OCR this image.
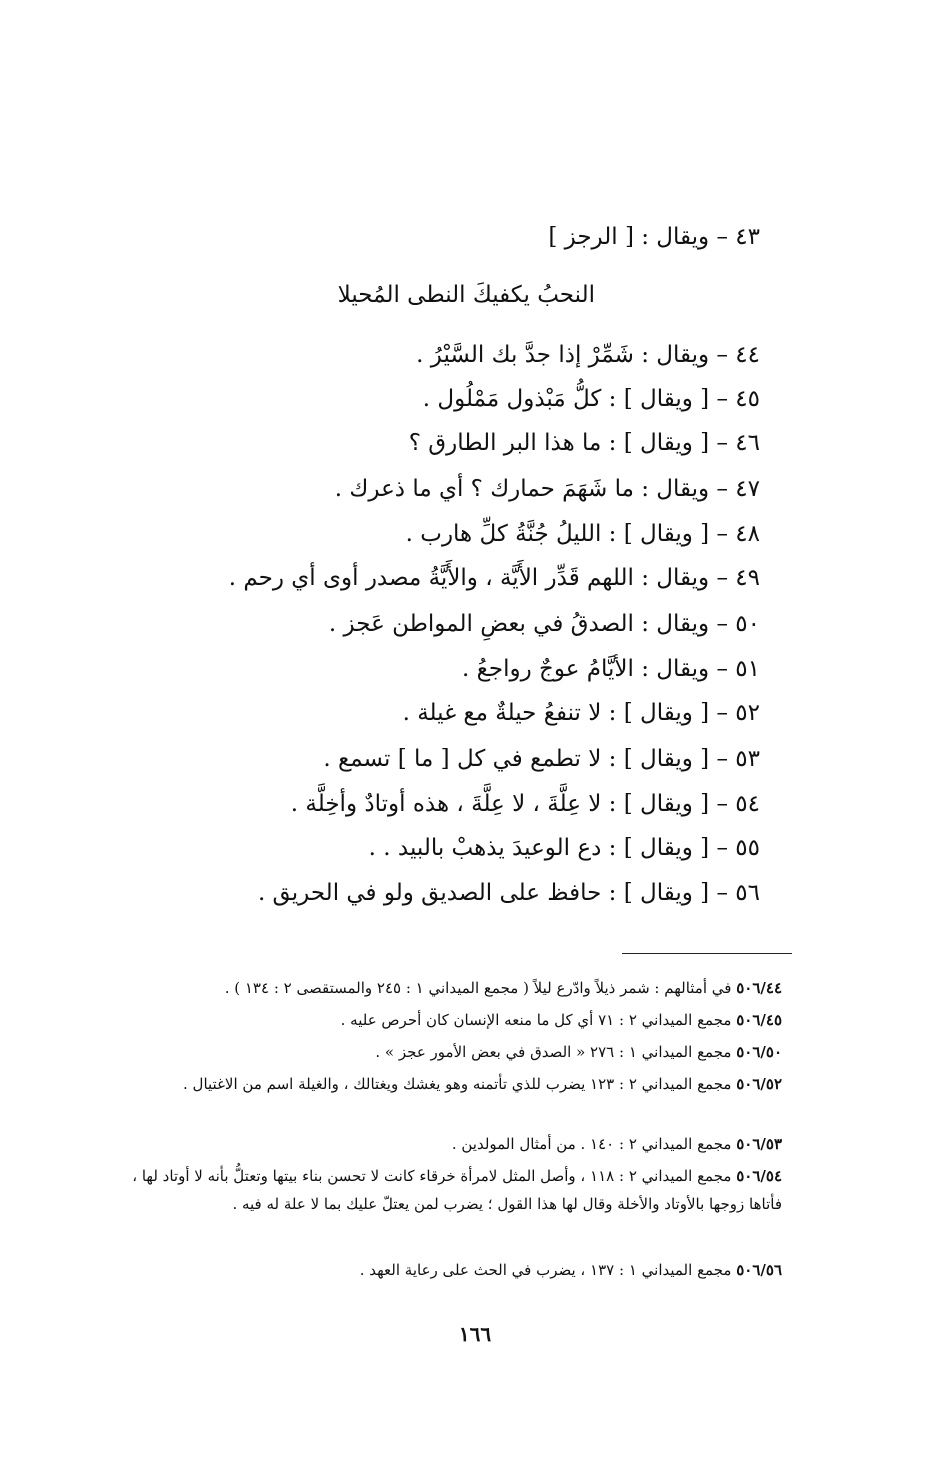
٤٣ – ويقال : [ الرجز ]
النحبُ يكفيكَ النطى المُحيلا
٤٤ – ويقال : شَمِّرْ إذا جدَّ بك السَّيْرُ .
٤٥ – [ ويقال ] : كلُّ مَبْذول مَمْلُول .
٤٦ – [ ويقال ] : ما هذا البر الطارق ؟
٤٧ – ويقال : ما شَهَمَ حمارك ؟ أي ما ذعرك .
٤٨ – [ ويقال ] : الليلُ جُنَّةُ كلِّ هارب .
٤٩ – ويقال : اللهم قَدِّر الأَيَّة ، والأَيَّةُ مصدر أوى أي رحم .
٥٠ – ويقال : الصدقُ في بعضِ المواطن عَجز .
٥١ – ويقال : الأيَّامُ عوجٌ رواجعُ .
٥٢ – [ ويقال ] : لا تنفعُ حيلةٌ مع غيلة .
٥٣ – [ ويقال ] : لا تطمع في كل [ ما ] تسمع .
٥٤ – [ ويقال ] : لا عِلَّةَ ، لا عِلَّةَ ، هذه أوتادٌ وأخِلَّة .
٥٥ – [ ويقال ] : دع الوعيدَ يذهبْ بالبيد . .
٥٦ – [ ويقال ] : حافظ على الصديق ولو في الحريق .
٥٠٦/٤٤ في أمثالهم : شمر ذيلاً وادّرع ليلاً ( مجمع الميداني ١ : ٢٤٥ والمستقصى ٢ : ١٣٤ ) .
٥٠٦/٤٥ مجمع الميداني ٢ : ٧١ أي كل ما منعه الإنسان كان أحرص عليه .
٥٠٦/٥٠ مجمع الميداني ١ : ٢٧٦ « الصدق في بعض الأمور عجز » .
٥٠٦/٥٢ مجمع الميداني ٢ : ١٢٣ يضرب للذي تأتمنه وهو يغشك ويغتالك ، والغيلة اسم من الاغتيال .
٥٠٦/٥٣ مجمع الميداني ٢ : ١٤٠ . من أمثال المولدين .
٥٠٦/٥٤ مجمع الميداني ٢ : ١١٨ ، وأصل المثل لامرأة خرقاء كانت لا تحسن بناء بيتها وتعتلُّ بأنه لا أوتاد لها ، فأتاها زوجها بالأوتاد والأخلة وقال لها هذا القول ؛ يضرب لمن يعتلّ عليك بما لا علة له فيه .
٥٠٦/٥٦ مجمع الميداني ١ : ١٣٧ ، يضرب في الحث على رعاية العهد .
١٦٦
